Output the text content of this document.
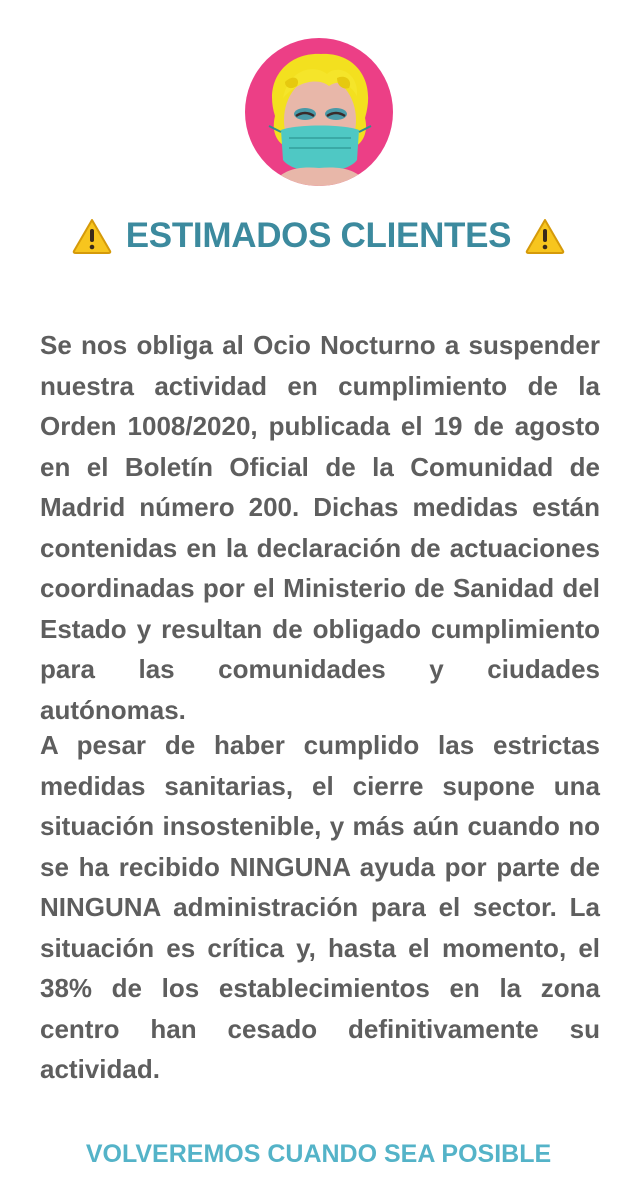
ESTIMADOS CLIENTES

Se nos obliga al Ocio Nocturno a suspender nuestra actividad en cumplimiento de la Orden 1008/2020, publicada el 19 de agosto en el Boletín Oficial de la Comunidad de Madrid número 200. Dichas medidas están contenidas en la declaración de actuaciones coordinadas por el Ministerio de Sanidad del Estado y resultan de obligado cumplimiento para las comunidades y ciudades autónomas.

A pesar de haber cumplido las estrictas medidas sanitarias, el cierre supone una situación insostenible, y más aún cuando no se ha recibido NINGUNA ayuda por parte de NINGUNA administración para el sector. La situación es crítica y, hasta el momento, el 38% de los establecimientos en la zona centro han cesado definitivamente su actividad.

VOLVEREMOS CUANDO SEA POSIBLE
